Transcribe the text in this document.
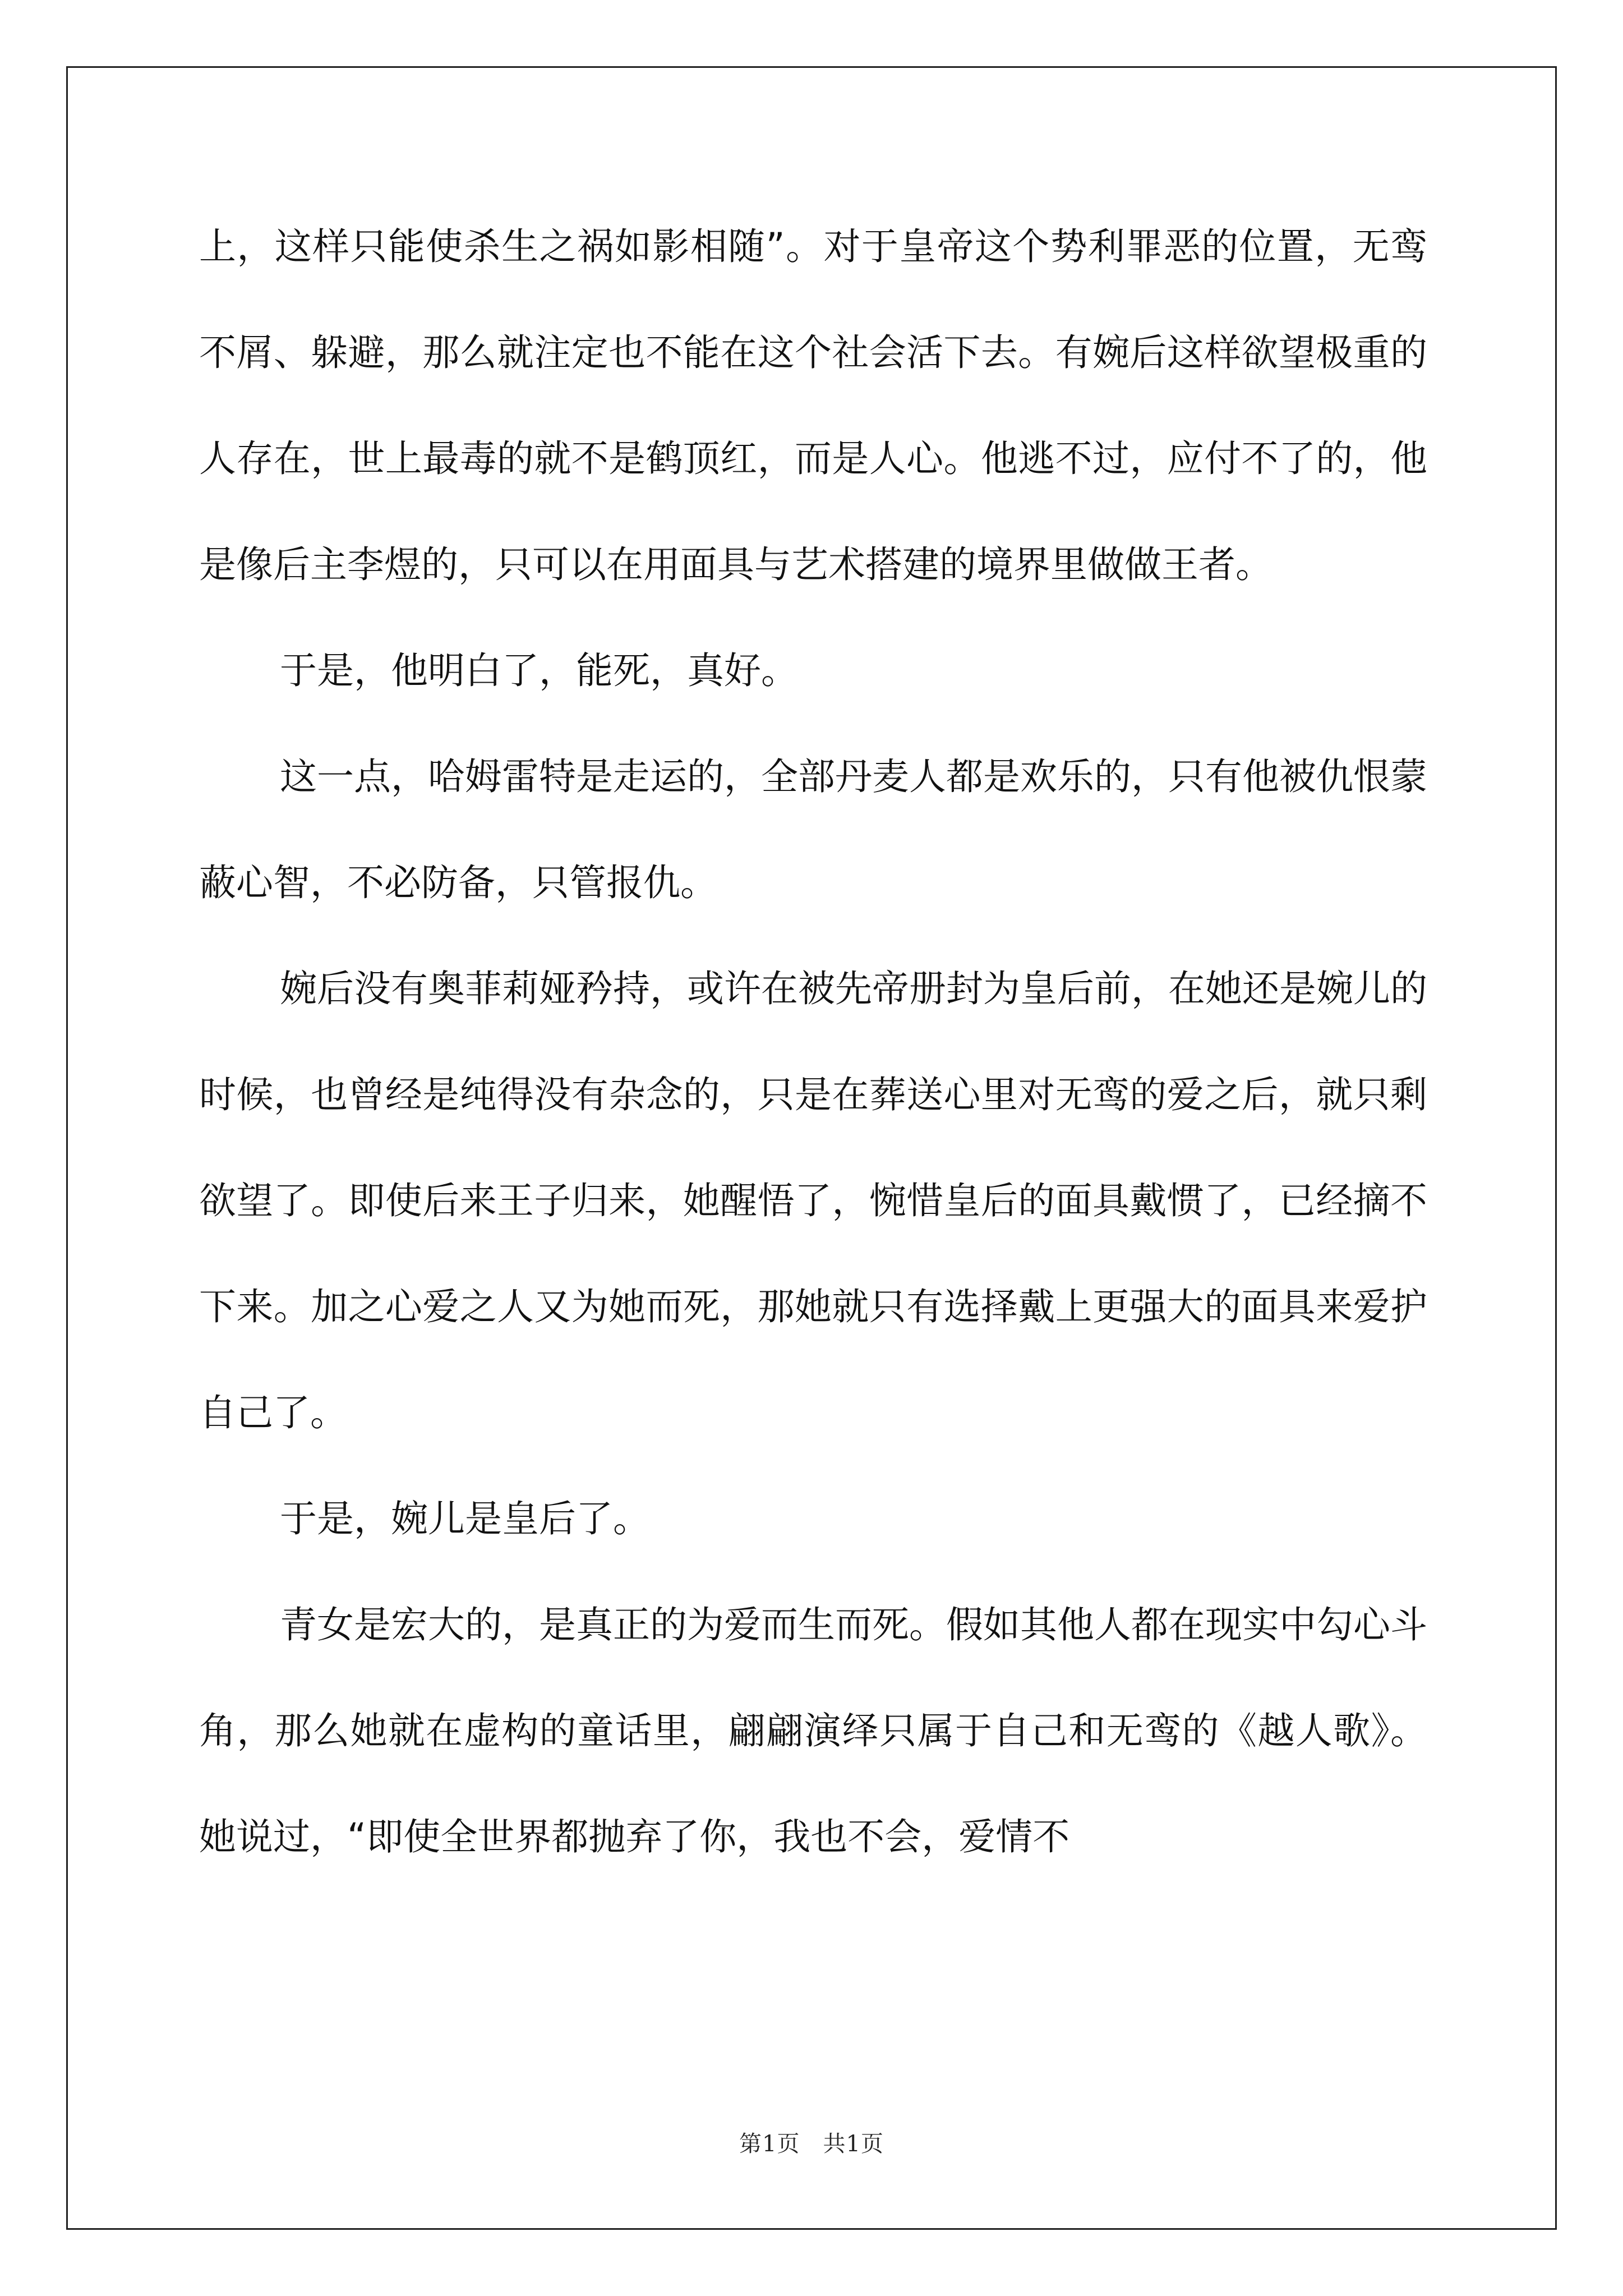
上，这样只能使杀生之祸如影相随”。对于皇帝这个势利罪恶的位置，无鸾不屑、躲避，那么就注定也不能在这个社会活下去。有婉后这样欲望极重的人存在，世上最毒的就不是鹤顶红，而是人心。他逃不过，应付不了的，他是像后主李煜的，只可以在用面具与艺术搭建的境界里做做王者。

于是，他明白了，能死，真好。

这一点，哈姆雷特是走运的，全部丹麦人都是欢乐的，只有他被仇恨蒙蔽心智，不必防备，只管报仇。

婉后没有奥菲莉娅矜持，或许在被先帝册封为皇后前，在她还是婉儿的时候，也曾经是纯得没有杂念的，只是在葬送心里对无鸾的爱之后，就只剩欲望了。即使后来王子归来，她醒悟了，惋惜皇后的面具戴惯了，已经摘不下来。加之心爱之人又为她而死，那她就只有选择戴上更强大的面具来爱护自己了。

于是，婉儿是皇后了。

青女是宏大的，是真正的为爱而生而死。假如其他人都在现实中勾心斗角，那么她就在虚构的童话里，翩翩演绎只属于自己和无鸾的《越人歌》。她说过，“即使全世界都抛弃了你，我也不会，爱情不

第1页　共1页
